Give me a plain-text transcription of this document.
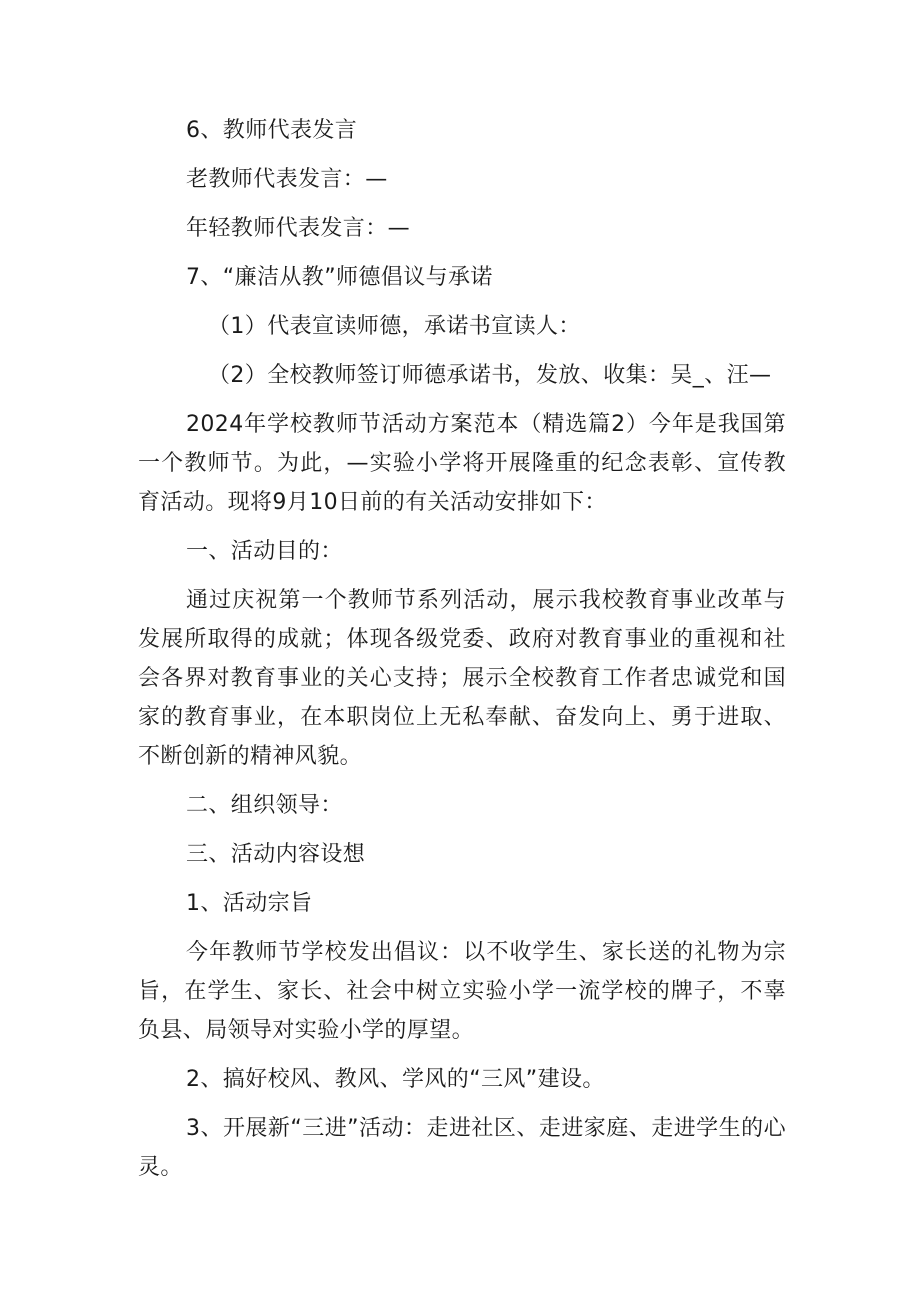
6、教师代表发言

老教师代表发言：—

年轻教师代表发言：—

7、“廉洁从教”师德倡议与承诺

（1）代表宣读师德，承诺书宣读人：

（2）全校教师签订师德承诺书，发放、收集：吴_、汪—

2024年学校教师节活动方案范本（精选篇2）今年是我国第一个教师节。为此，—实验小学将开展隆重的纪念表彰、宣传教育活动。现将9月10日前的有关活动安排如下：

一、活动目的：

通过庆祝第一个教师节系列活动，展示我校教育事业改革与发展所取得的成就；体现各级党委、政府对教育事业的重视和社会各界对教育事业的关心支持；展示全校教育工作者忠诚党和国家的教育事业，在本职岗位上无私奉献、奋发向上、勇于进取、不断创新的精神风貌。

二、组织领导：

三、活动内容设想

1、活动宗旨

今年教师节学校发出倡议：以不收学生、家长送的礼物为宗旨，在学生、家长、社会中树立实验小学一流学校的牌子，不辜负县、局领导对实验小学的厚望。

2、搞好校风、教风、学风的“三风”建设。

3、开展新“三进”活动：走进社区、走进家庭、走进学生的心灵。
